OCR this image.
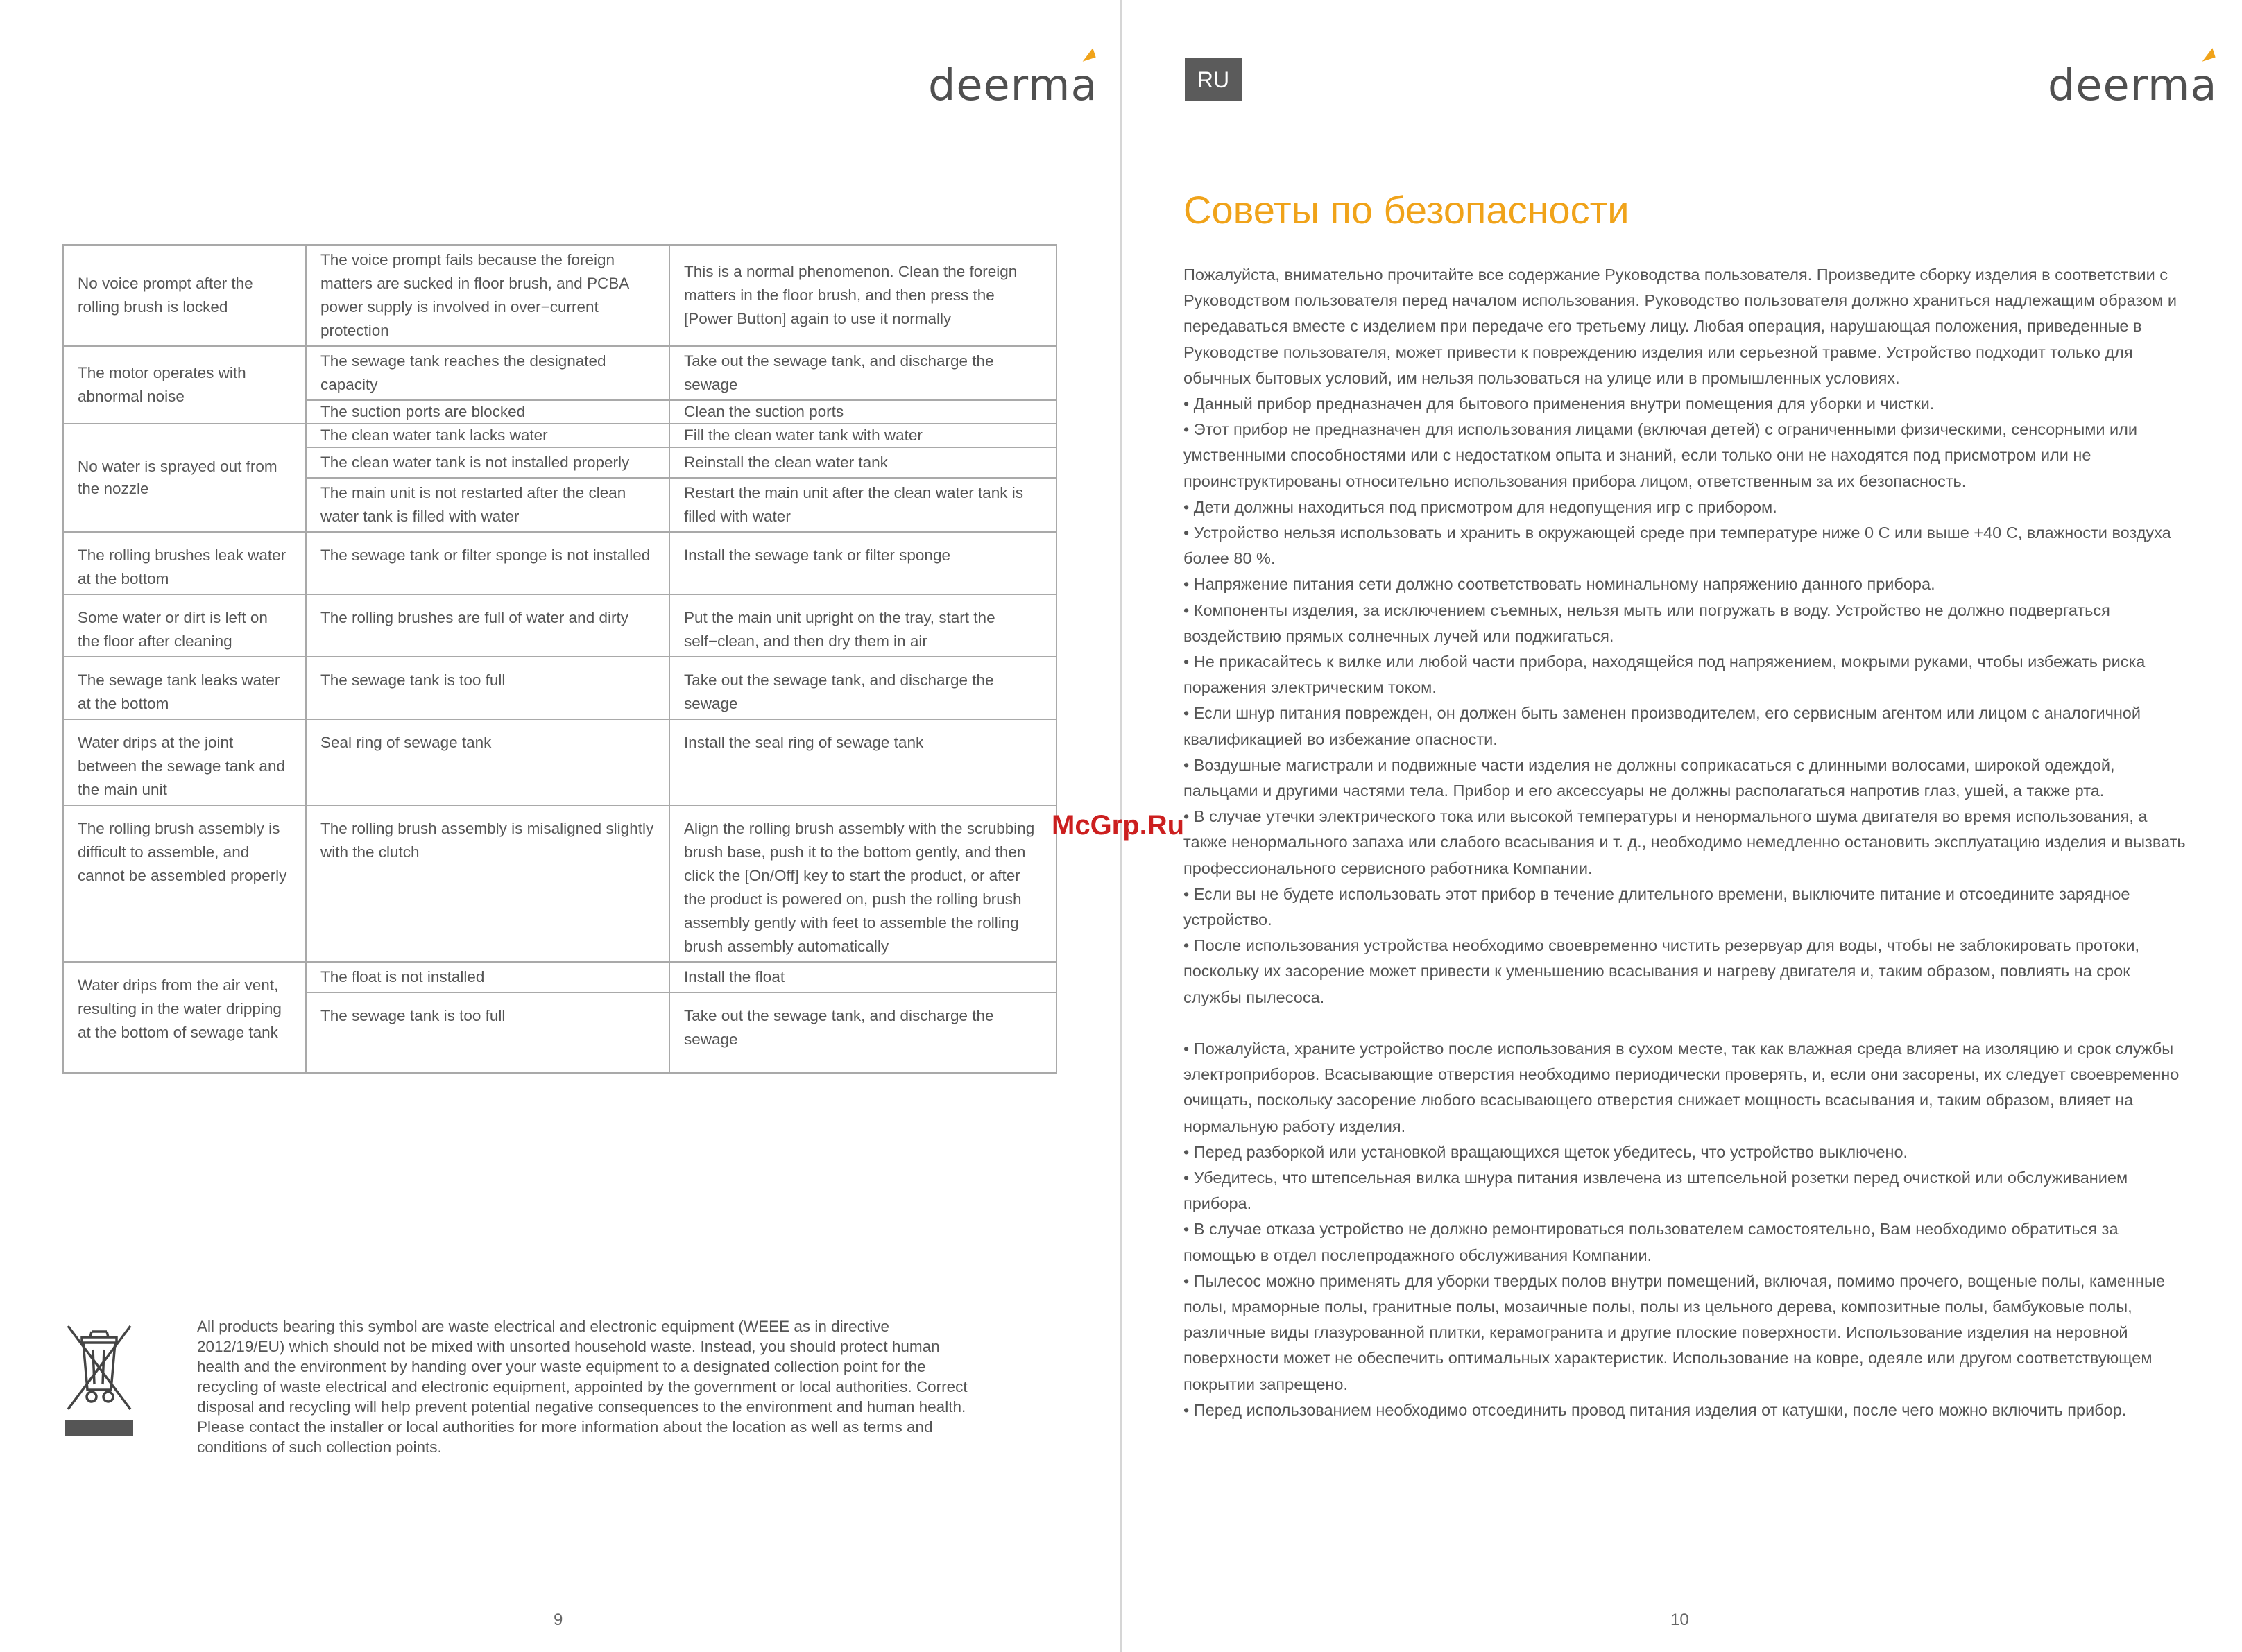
deerma
No voice prompt after the rolling brush is locked	The voice prompt fails because the foreign matters are sucked in floor brush, and PCBA power supply is involved in over−current protection	This is a normal phenomenon. Clean the foreign matters in the floor brush, and then press the [Power Button] again to use it normally
The motor operates with abnormal noise	The sewage tank reaches the designated capacity	Take out the sewage tank, and discharge the sewage
	The suction ports are blocked	Clean the suction ports
No water is sprayed out from the nozzle	The clean water tank lacks water	Fill the clean water tank with water
	The clean water tank is not installed properly	Reinstall the clean water tank
	The main unit is not restarted after the clean water tank is filled with water	Restart the main unit after the clean water tank is filled with water
The rolling brushes leak water at the bottom	The sewage tank or filter sponge is not installed	Install the sewage tank or filter sponge
Some water or dirt is left on the floor after cleaning	The rolling brushes are full of water and dirty	Put the main unit upright on the tray, start the self−clean, and then dry them in air
The sewage tank leaks water at the bottom	The sewage tank is too full	Take out the sewage tank, and discharge the sewage
Water drips at the joint between the sewage tank and the main unit	Seal ring of sewage tank	Install the seal ring of sewage tank
The rolling brush assembly is difficult to assemble, and cannot be assembled properly	The rolling brush assembly is misaligned slightly with the clutch	Align the rolling brush assembly with the scrubbing brush base, push it to the bottom gently, and then click the [On/Off] key to start the product, or after the product is powered on, push the rolling brush assembly gently with feet to assemble the rolling brush assembly automatically
Water drips from the air vent, resulting in the water dripping at the bottom of sewage tank	The float is not installed	Install the float
	The sewage tank is too full	Take out the sewage tank, and discharge the sewage
All products bearing this symbol are waste electrical and electronic equipment (WEEE as in directive 2012/19/EU) which should not be mixed with unsorted household waste. Instead, you should protect human health and the environment by handing over your waste equipment to a designated collection point for the recycling of waste electrical and electronic equipment, appointed by the government or local authorities. Correct disposal and recycling will help prevent potential negative consequences to the environment and human health. Please contact the installer or local authorities for more information about the location as well as terms and conditions of such collection points.
9
RU	deerma
Советы по безопасности

Пожалуйста, внимательно прочитайте все содержание Руководства пользователя. Произведите сборку изделия в соответствии с Руководством пользователя перед началом использования. Руководство пользователя должно храниться надлежащим образом и передаваться вместе с изделием при передаче его третьему лицу. Любая операция, нарушающая положения, приведенные в Руководстве пользователя, может привести к повреждению изделия или серьезной травме. Устройство подходит только для обычных бытовых условий, им нельзя пользоваться на улице или в промышленных условиях.

• Данный прибор предназначен для бытового применения внутри помещения для уборки и чистки.

• Этот прибор не предназначен для использования лицами (включая детей) с ограниченными физическими, сенсорными или умственными способностями или с недостатком опыта и знаний, если только они не находятся под присмотром или не проинструктированы относительно использования прибора лицом, ответственным за их безопасность.

• Дети должны находиться под присмотром для недопущения игр с прибором.

• Устройство нельзя использовать и хранить в окружающей среде при температуре ниже 0 С или выше +40 С, влажности воздуха более 80 %.

• Напряжение питания сети должно соответствовать номинальному напряжению данного прибора.

• Компоненты изделия, за исключением съемных, нельзя мыть или погружать в воду. Устройство не должно подвергаться воздействию прямых солнечных лучей или поджигаться.

• Не прикасайтесь к вилке или любой части прибора, находящейся под напряжением, мокрыми руками, чтобы избежать риска поражения электрическим током.

• Если шнур питания поврежден, он должен быть заменен производителем, его сервисным агентом или лицом с аналогичной квалификацией во избежание опасности.

• Воздушные магистрали и подвижные части изделия не должны соприкасаться с длинными волосами, широкой одеждой, пальцами и другими частями тела. Прибор и его аксессуары не должны располагаться напротив глаз, ушей, а также рта.

• В случае утечки электрического тока или высокой температуры и ненормального шума двигателя во время использования, а также ненормального запаха или слабого всасывания и т. д., необходимо немедленно остановить эксплуатацию изделия и вызвать профессионального сервисного работника Компании.

• Если вы не будете использовать этот прибор в течение длительного времени, выключите питание и отсоедините зарядное устройство.

• После использования устройства необходимо своевременно чистить резервуар для воды, чтобы не заблокировать протоки, поскольку их засорение может привести к уменьшению всасывания и нагреву двигателя и, таким образом, повлиять на срок службы пылесоса.

• Пожалуйста, храните устройство после использования в сухом месте, так как влажная среда влияет на изоляцию и срок службы электроприборов. Всасывающие отверстия необходимо периодически проверять, и, если они засорены, их следует своевременно очищать, поскольку засорение любого всасывающего отверстия снижает мощность всасывания и, таким образом, влияет на нормальную работу изделия.

• Перед разборкой или установкой вращающихся щеток убедитесь, что устройство выключено.

• Убедитесь, что штепсельная вилка шнура питания извлечена из штепсельной розетки перед очисткой или обслуживанием прибора.

• В случае отказа устройство не должно ремонтироваться пользователем самостоятельно, Вам необходимо обратиться за помощью в отдел послепродажного обслуживания Компании.

• Пылесос можно применять для уборки твердых полов внутри помещений, включая, помимо прочего, вощеные полы, каменные полы, мраморные полы, гранитные полы, мозаичные полы, полы из цельного дерева, композитные полы, бамбуковые полы, различные виды глазурованной плитки, керамогранита и другие плоские поверхности. Использование изделия на неровной поверхности может не обеспечить оптимальных характеристик. Использование на ковре, одеяле или другом соответствующем покрытии запрещено.

• Перед использованием необходимо отсоединить провод питания изделия от катушки, после чего можно включить прибор.

10
McGrp.Ru
